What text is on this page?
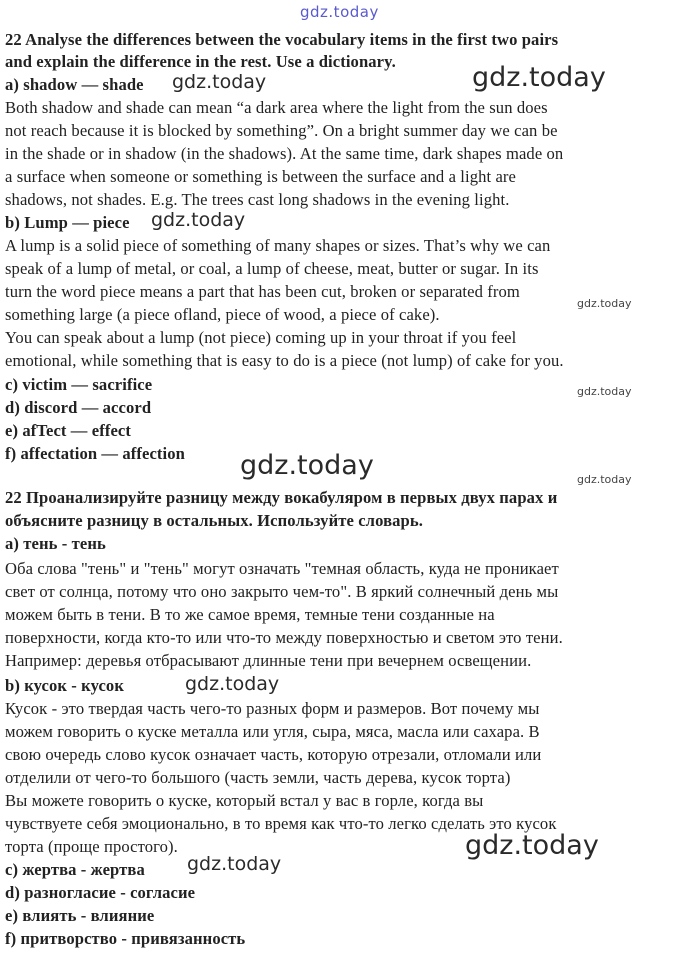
gdz.today
gdz.today	gdz.today
gdz.today
gdz.today
gdz.today
gdz.today	gdz.today
gdz.today
gdz.today
gdz.today
22 Analyse the differences between the vocabulary items in the first two pairs
and explain the difference in the rest. Use a dictionary.
a) shadow — shade
Both shadow and shade can mean “a dark area where the light from the sun does
not reach because it is blocked by something”. On a bright summer day we can be
in the shade or in shadow (in the shadows). At the same time, dark shapes made on
a surface when someone or something is between the surface and a light are
shadows, not shades. E.g. The trees cast long shadows in the evening light.
b) Lump — piece
A lump is a solid piece of something of many shapes or sizes. That’s why we can
speak of a lump of metal, or coal, a lump of cheese, meat, butter or sugar. In its
turn the word piece means a part that has been cut, broken or separated from
something large (a piece ofland, piece of wood, a piece of cake).
You can speak about a lump (not piece) coming up in your throat if you feel
emotional, while something that is easy to do is a piece (not lump) of cake for you.
c) victim — sacrifice
d) discord — accord
e) afTect — effect
f) affectation — affection
22 Проанализируйте разницу между вокабуляром в первых двух парах и
объясните разницу в остальных. Используйте словарь.
а) тень - тень
Оба слова "тень" и "тень" могут означать "темная область, куда не проникает
свет от солнца, потому что оно закрыто чем-то". В яркий солнечный день мы
можем быть в тени. В то же самое время, темные тени созданные на
поверхности, когда кто-то или что-то между поверхностью и светом это тени.
Например: деревья отбрасывают длинные тени при вечернем освещении.
b) кусок - кусок
Кусок - это твердая часть чего-то разных форм и размеров. Вот почему мы
можем говорить о куске металла или угля, сыра, мяса, масла или сахара. В
свою очередь слово кусок означает часть, которую отрезали, отломали или
отделили от чего-то большого (часть земли, часть дерева, кусок торта)
Вы можете говорить о куске, который встал у вас в горле, когда вы
чувствуете себя эмоционально, в то время как что-то легко сделать это кусок
торта (проще простого).
с) жертва - жертва
d) разногласие - согласие
е) влиять - влияние
f) притворство - привязанность
